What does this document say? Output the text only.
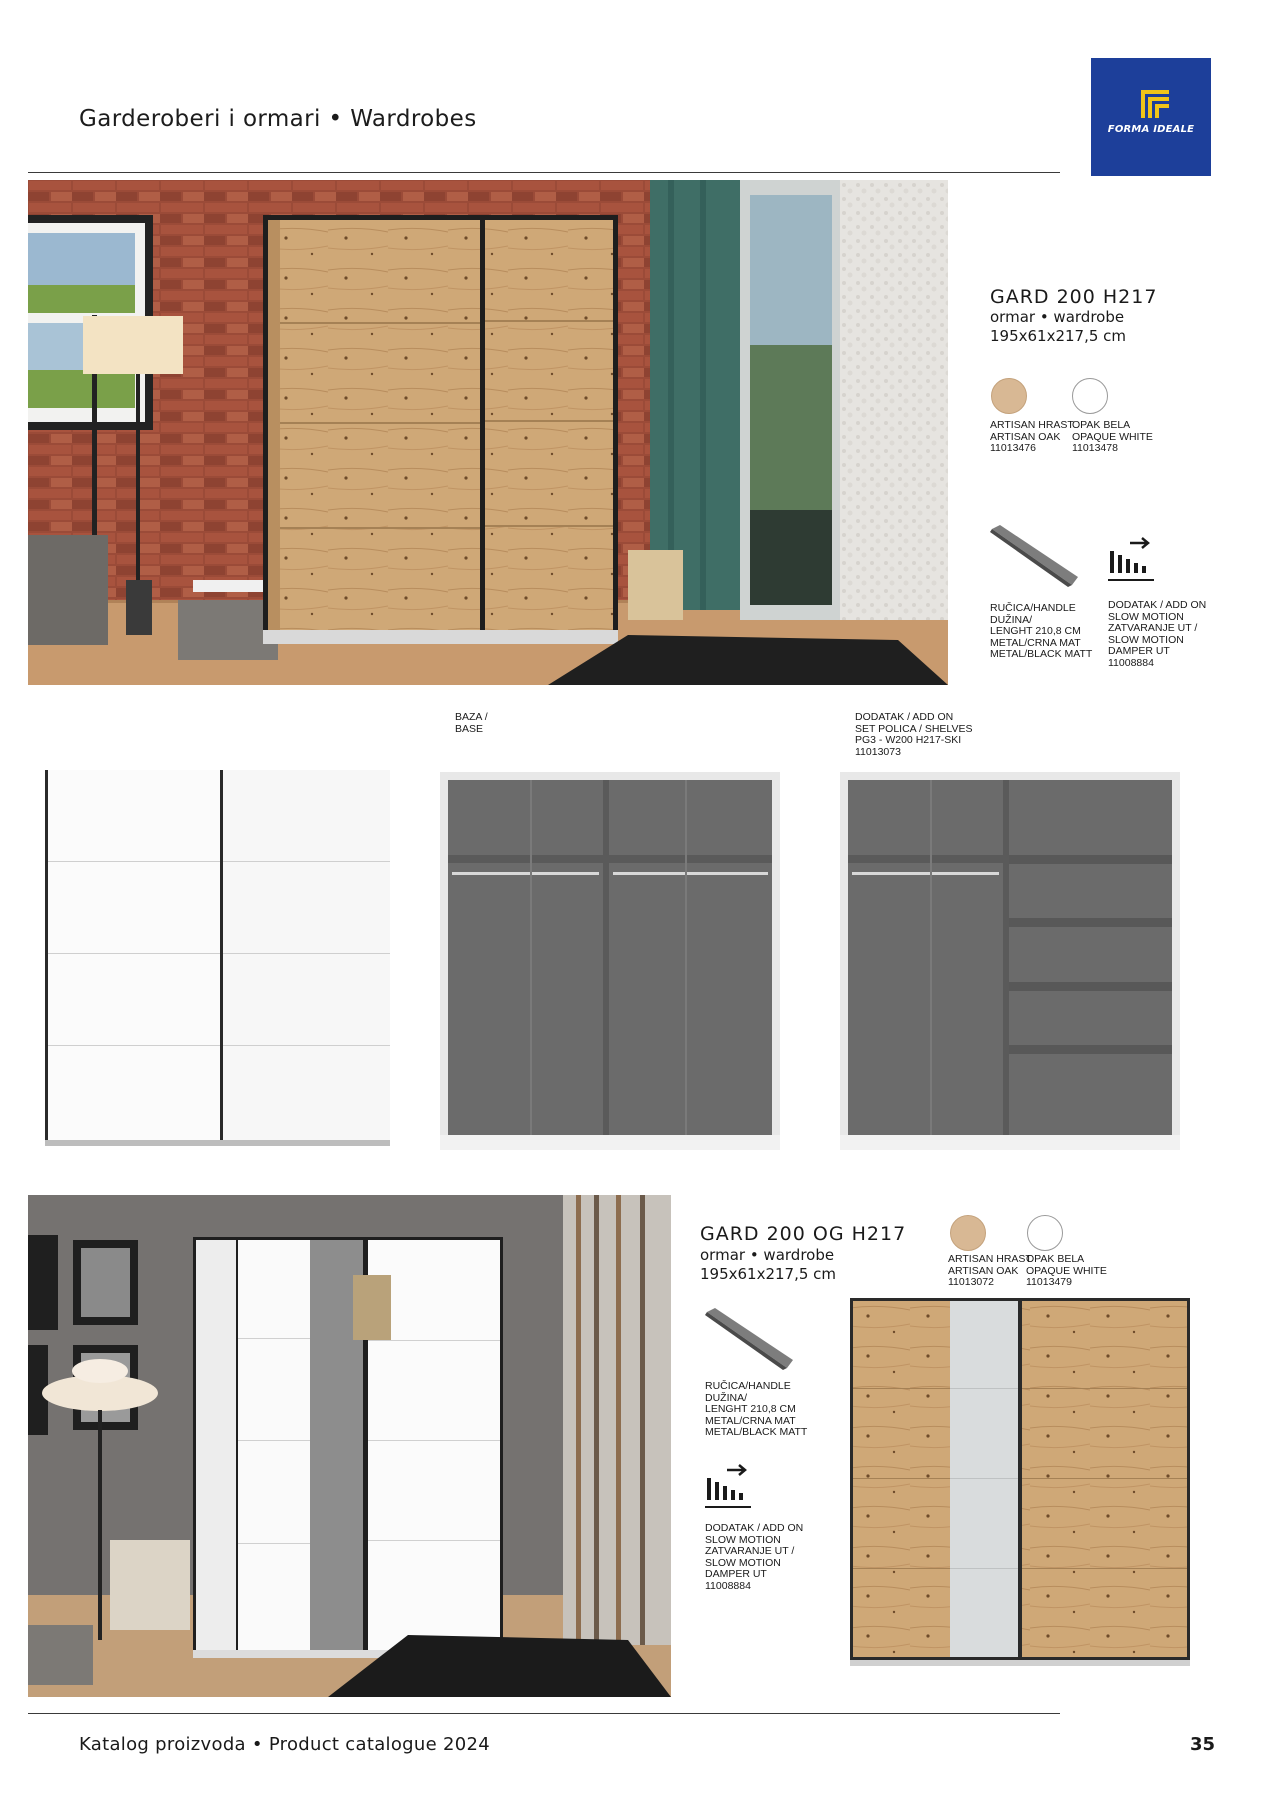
Garderoberi i ormari • Wardrobes	FORMA IDEALE
GARD 200 H217
ormar • wardrobe
195x61x217,5 cm
ARTISAN HRAST
ARTISAN OAK
11013476
OPAK BELA
OPAQUE WHITE
11013478
RUČICA/HANDLE
DUŽINA/
LENGHT 210,8 CM
METAL/CRNA MAT
METAL/BLACK MATT
DODATAK / ADD ON
SLOW MOTION
ZATVARANJE UT /
SLOW MOTION
DAMPER UT
11008884
BAZA /
BASE
DODATAK / ADD ON
SET POLICA / SHELVES
PG3 - W200 H217-SKI
11013073
GARD 200 OG H217
ormar • wardrobe
195x61x217,5 cm
ARTISAN HRAST
ARTISAN OAK
11013072
OPAK BELA
OPAQUE WHITE
11013479
RUČICA/HANDLE
DUŽINA/
LENGHT 210,8 CM
METAL/CRNA MAT
METAL/BLACK MATT
DODATAK / ADD ON
SLOW MOTION
ZATVARANJE UT /
SLOW MOTION
DAMPER UT
11008884
Katalog proizvoda • Product catalogue 2024	35
